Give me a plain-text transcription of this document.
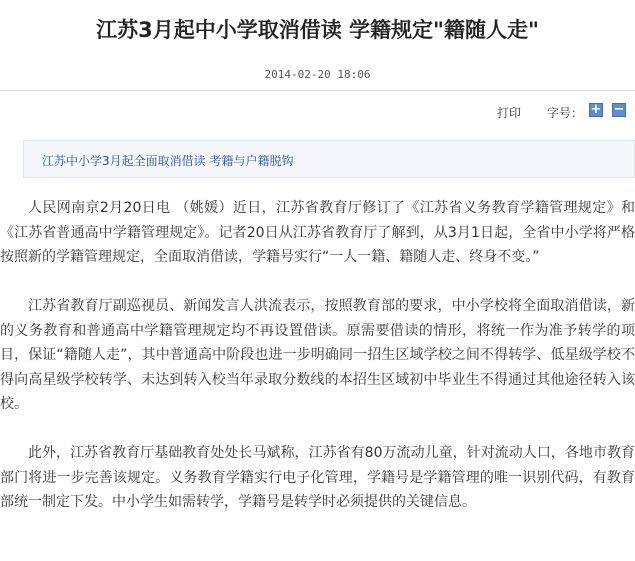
江苏3月起中小学取消借读 学籍规定"籍随人走"
2014-02-20 18:06
打印 字号： + −
江苏中小学3月起全面取消借读 考籍与户籍脱钩

人民网南京2月20日电 （姚媛）近日，江苏省教育厅修订了《江苏省义务教育学籍管理规定》和《江苏省普通高中学籍管理规定》。记者20日从江苏省教育厅了解到，从3月1日起，全省中小学将严格按照新的学籍管理规定，全面取消借读，学籍号实行“一人一籍、籍随人走、终身不变。”

江苏省教育厅副巡视员、新闻发言人洪流表示，按照教育部的要求，中小学校将全面取消借读，新的义务教育和普通高中学籍管理规定均不再设置借读。原需要借读的情形，将统一作为准予转学的项目，保证“籍随人走”，其中普通高中阶段也进一步明确同一招生区域学校之间不得转学、低星级学校不得向高星级学校转学、未达到转入校当年录取分数线的本招生区域初中毕业生不得通过其他途径转入该校。

此外，江苏省教育厅基础教育处处长马斌称，江苏省有80万流动儿童，针对流动人口，各地市教育部门将进一步完善该规定。义务教育学籍实行电子化管理，学籍号是学籍管理的唯一识别代码，有教育部统一制定下发。中小学生如需转学，学籍号是转学时必须提供的关键信息。
